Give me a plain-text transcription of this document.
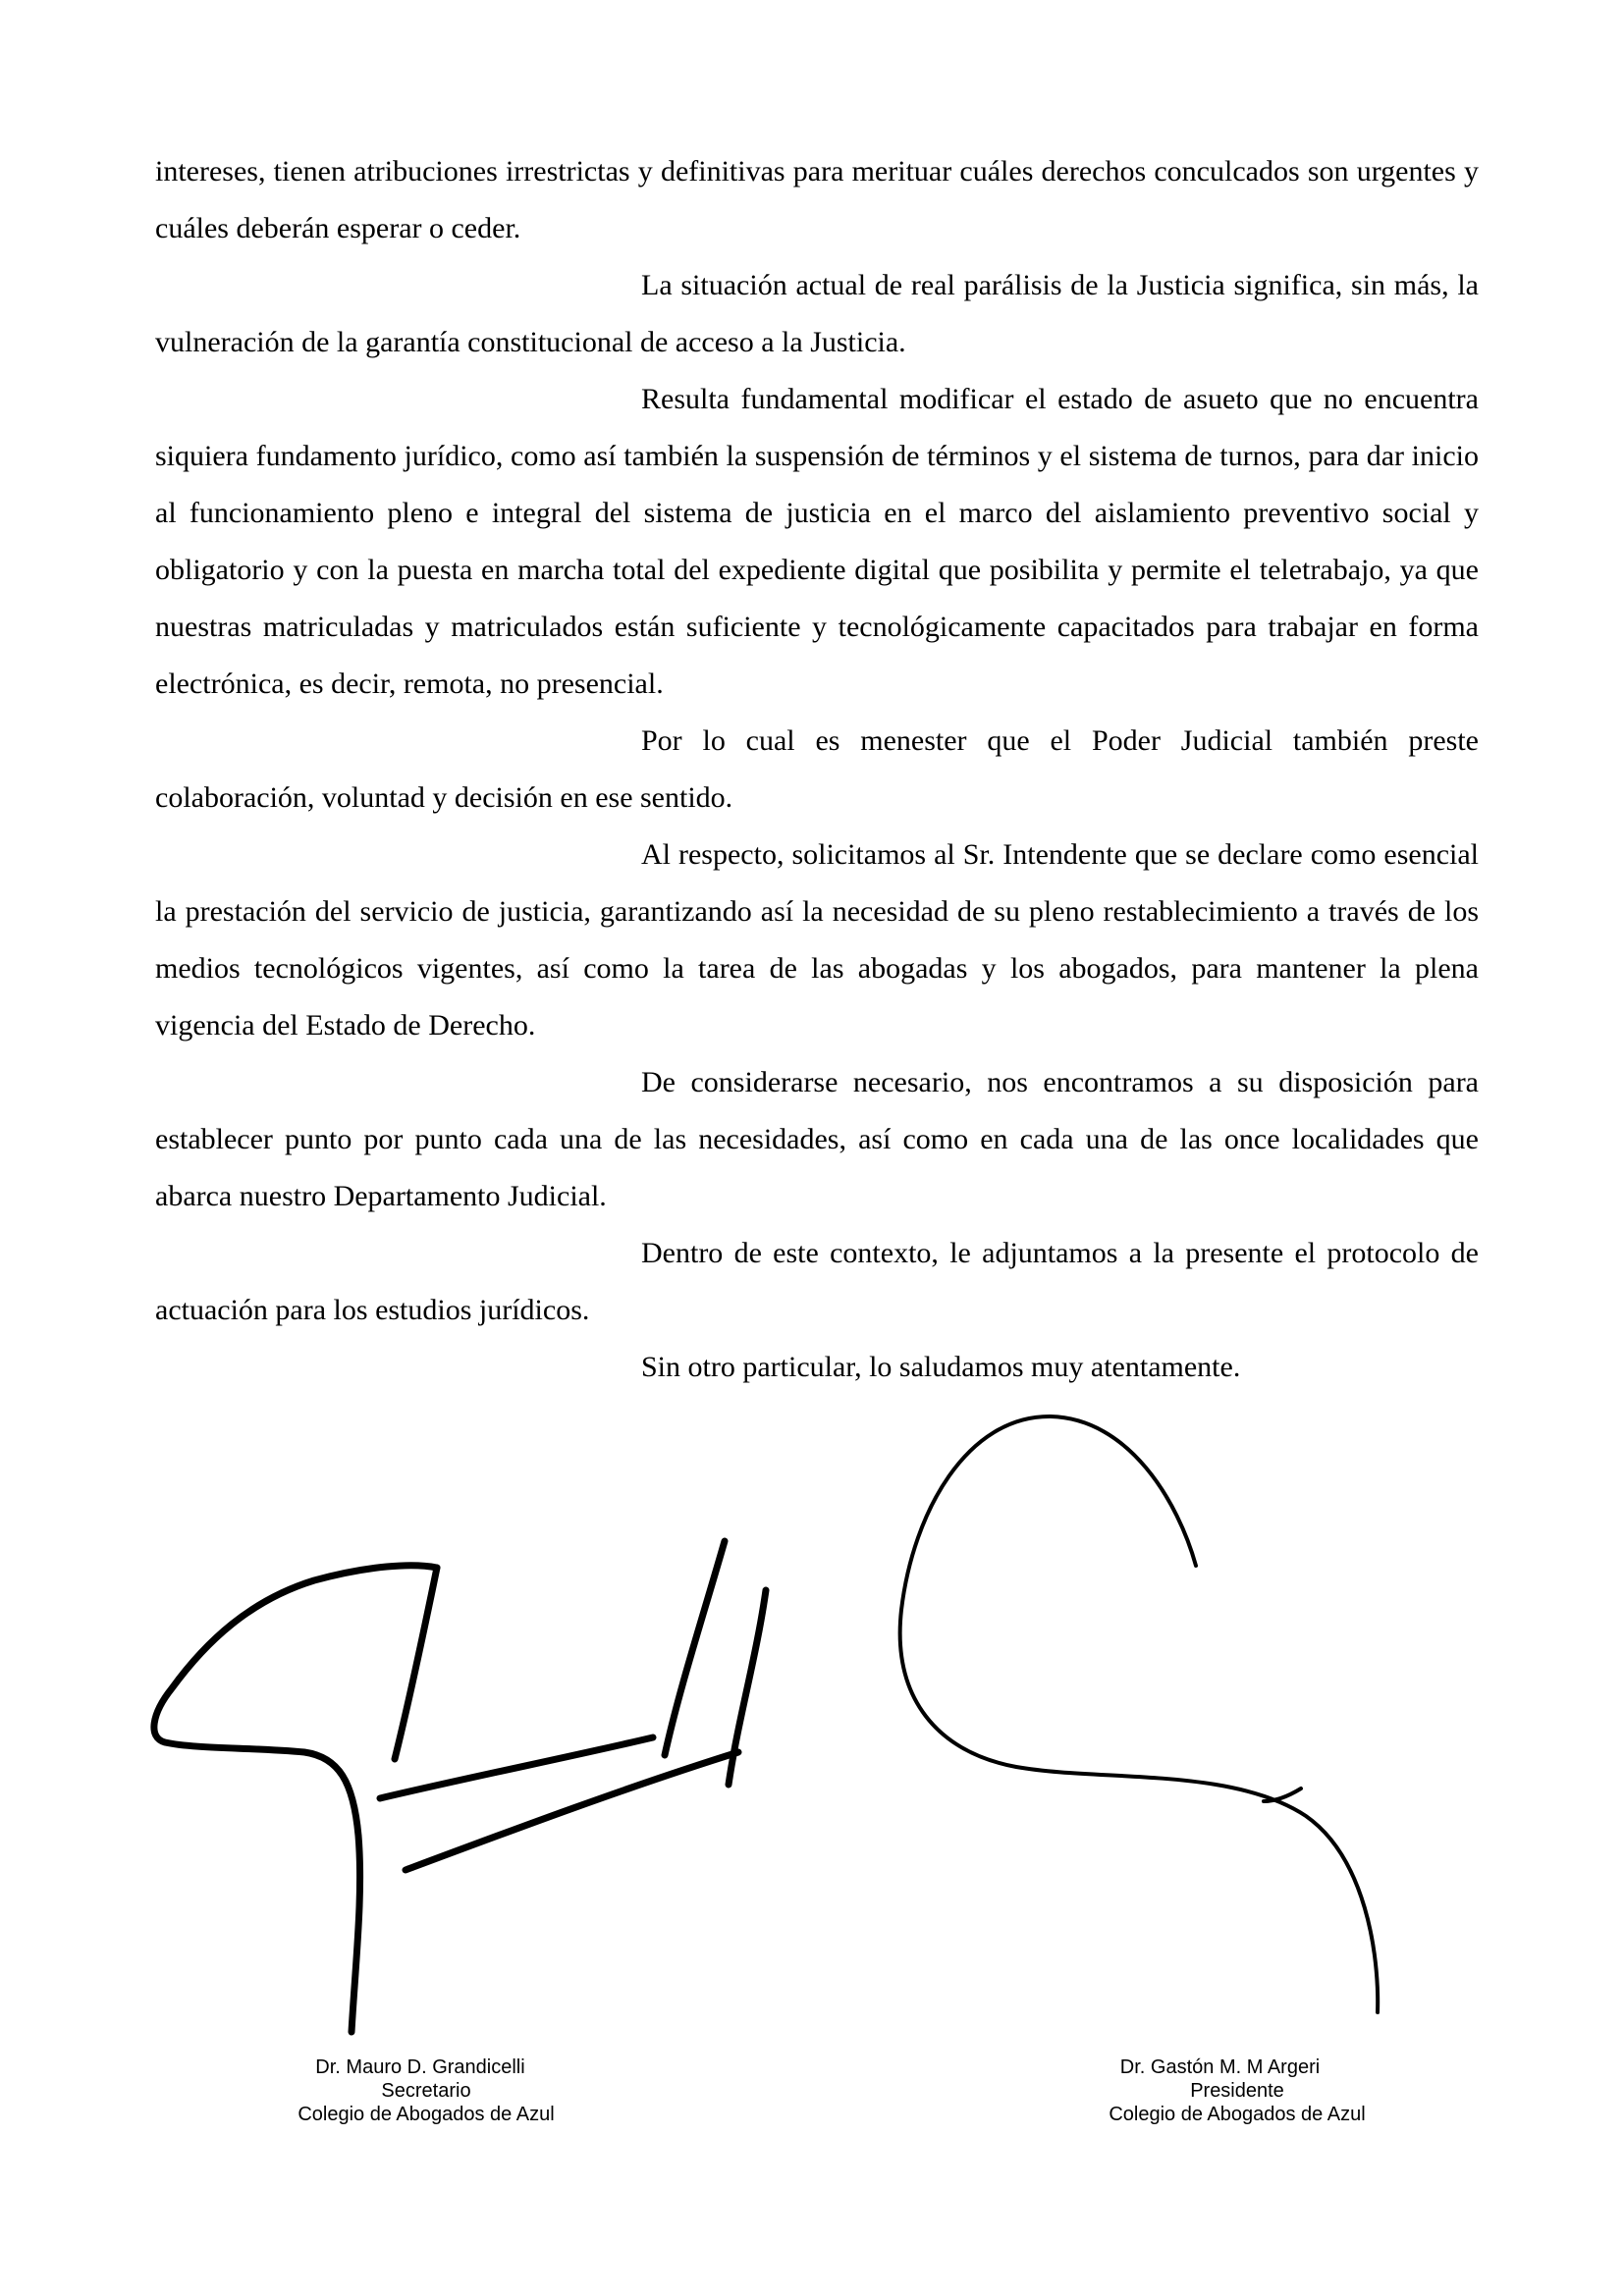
intereses, tienen atribuciones irrestrictas y definitivas para merituar cuáles derechos conculcados son urgentes y cuáles deberán esperar o ceder.

La situación actual de real parálisis de la Justicia significa, sin más, la vulneración de la garantía constitucional de acceso a la Justicia.

Resulta fundamental modificar el estado de asueto que no encuentra siquiera fundamento jurídico, como así también la suspensión de términos y el sistema de turnos, para dar inicio al funcionamiento pleno e integral del sistema de justicia en el marco del aislamiento preventivo social y obligatorio y con la puesta en marcha total del expediente digital que posibilita y permite el teletrabajo, ya que nuestras matriculadas y matriculados están suficiente y tecnológicamente capacitados para trabajar en forma electrónica, es decir, remota, no presencial.

Por lo cual es menester que el Poder Judicial también preste colaboración, voluntad y decisión en ese sentido.

Al respecto, solicitamos al Sr. Intendente que se declare como esencial la prestación del servicio de justicia, garantizando así la necesidad de su pleno restablecimiento a través de los medios tecnológicos vigentes, así como la tarea de las abogadas y los abogados, para mantener la plena vigencia del Estado de Derecho.

De considerarse necesario, nos encontramos a su disposición para establecer punto por punto cada una de las necesidades, así como en cada una de las once localidades que abarca nuestro Departamento Judicial.

Dentro de este contexto, le adjuntamos a la presente el protocolo de actuación para los estudios jurídicos.

Sin otro particular, lo saludamos muy atentamente.

Dr. Mauro D. Grandicelli
Secretario
Colegio de Abogados de Azul
Dr. Gastón M. M Argeri
Presidente
Colegio de Abogados de Azul
